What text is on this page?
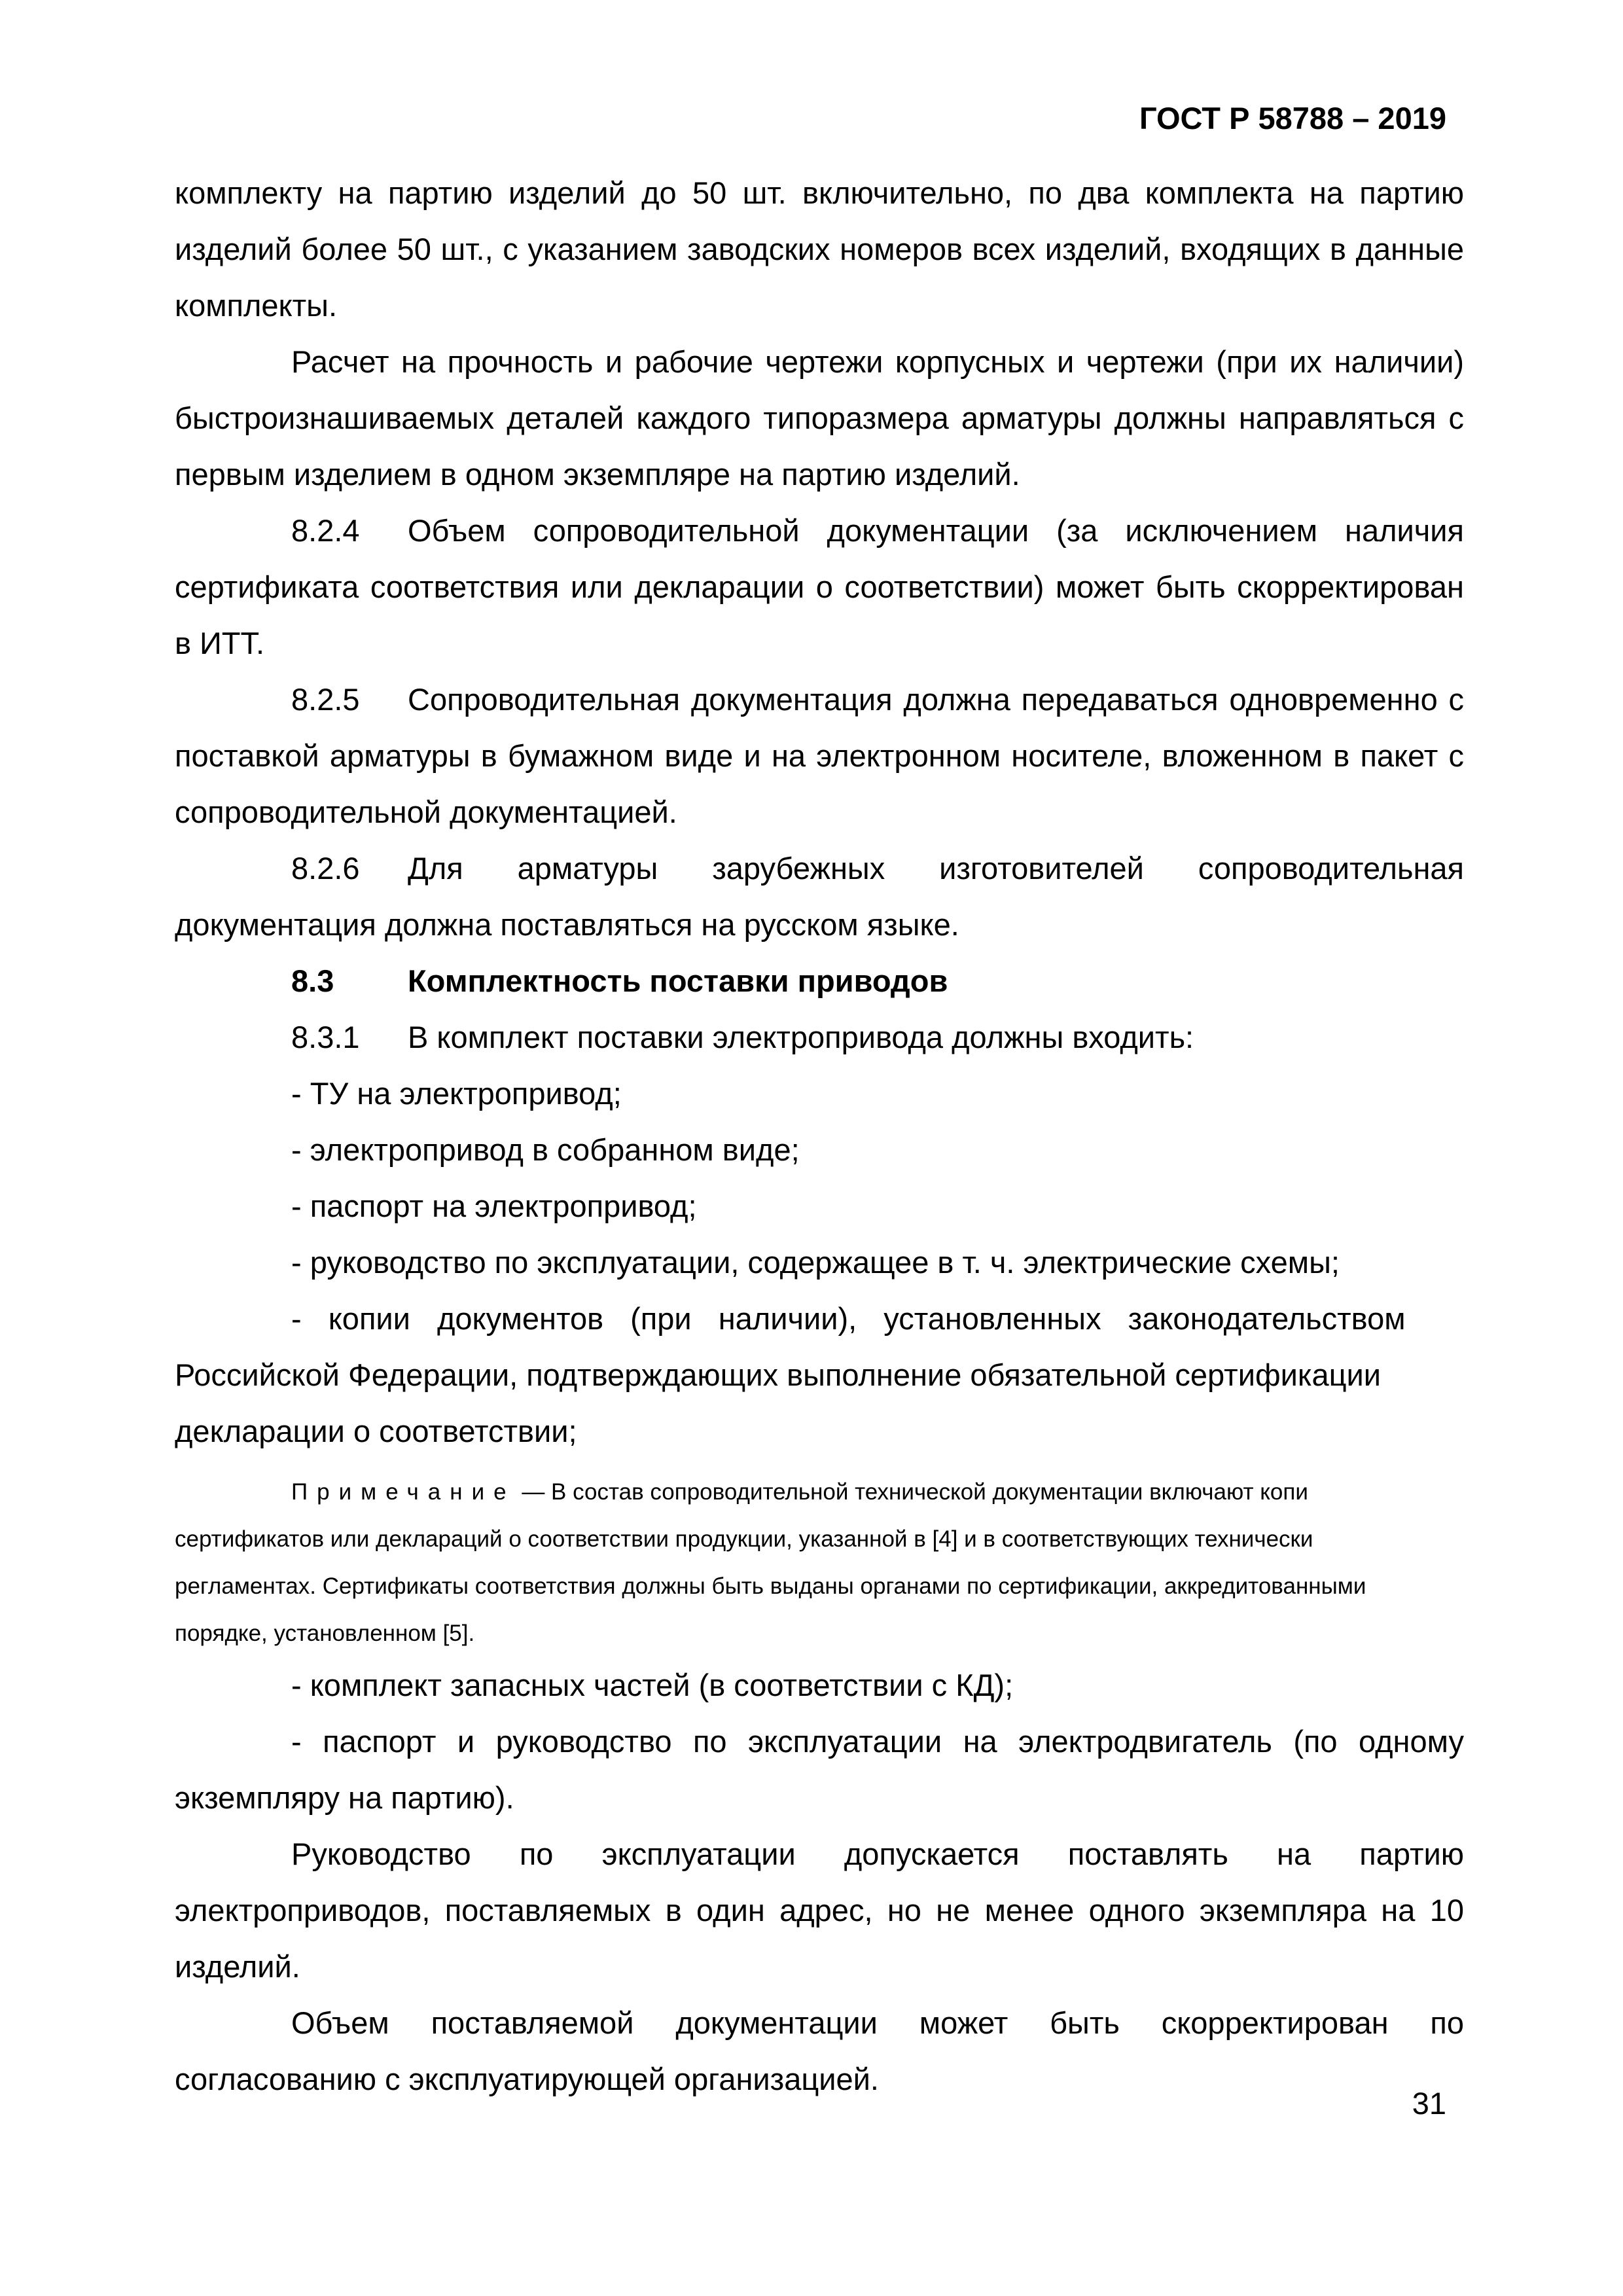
ГОСТ Р 58788 – 2019

комплекту на партию изделий до 50 шт. включительно, по два комплекта на партию изделий более 50 шт., с указанием заводских номеров всех изделий, входящих в данные комплекты.

Расчет на прочность и рабочие чертежи корпусных и чертежи (при их наличии) быстроизнашиваемых деталей каждого типоразмера арматуры должны направляться с первым изделием в одном экземпляре на партию изделий.

8.2.4 Объем сопроводительной документации (за исключением наличия сертификата соответствия или декларации о соответствии) может быть скорректирован в ИТТ.

8.2.5 Сопроводительная документация должна передаваться одновременно с поставкой арматуры в бумажном виде и на электронном носителе, вложенном в пакет с сопроводительной документацией.

8.2.6 Для арматуры зарубежных изготовителей сопроводительная документация должна поставляться на русском языке.

8.3 Комплектность поставки приводов

8.3.1 В комплект поставки электропривода должны входить:

- ТУ на электропривод;

- электропривод в собранном виде;

- паспорт на электропривод;

- руководство по эксплуатации, содержащее в т. ч. электрические схемы;

- копии документов (при наличии), установленных законодательством

Российской Федерации, подтверждающих выполнение обязательной сертификации

декларации о соответствии;

Примечание — В состав сопроводительной технической документации включают копи

сертификатов или деклараций о соответствии продукции, указанной в [4] и в соответствующих технически

регламентах. Сертификаты соответствия должны быть выданы органами по сертификации, аккредитованными

порядке, установленном [5].

- комплект запасных частей (в соответствии с КД);

- паспорт и руководство по эксплуатации на электродвигатель (по одному экземпляру на партию).

Руководство по эксплуатации допускается поставлять на партию электроприводов, поставляемых в один адрес, но не менее одного экземпляра на 10 изделий.

Объем поставляемой документации может быть скорректирован по согласованию с эксплуатирующей организацией.

31
